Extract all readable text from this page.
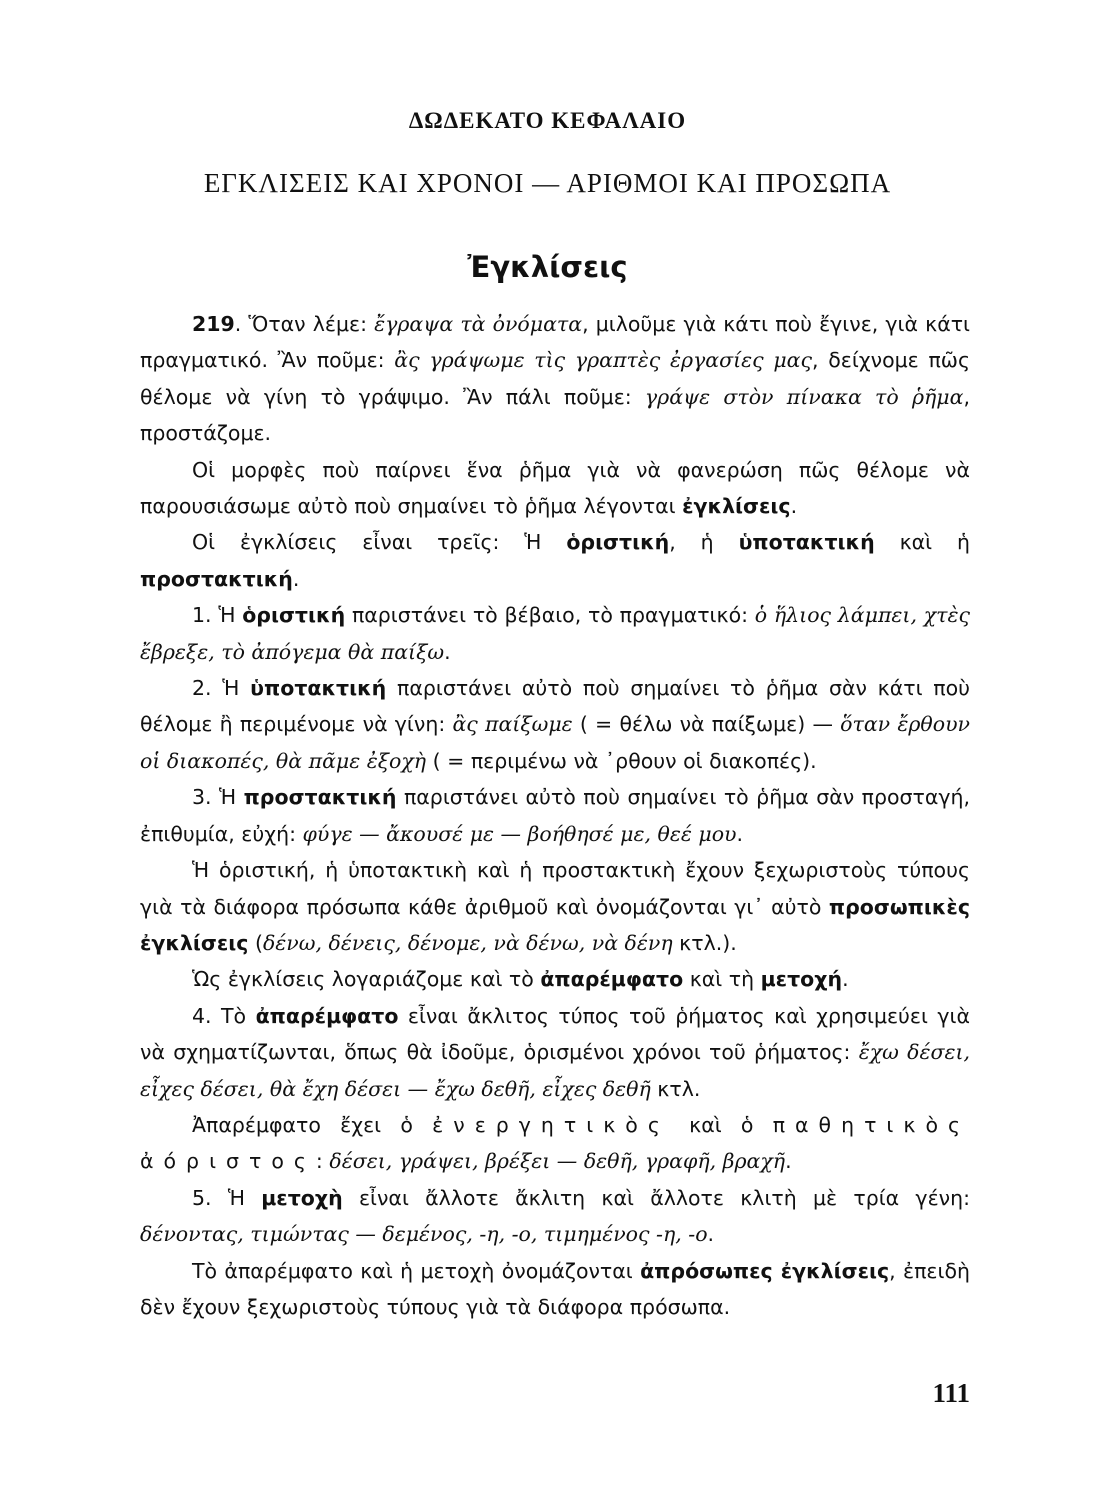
ΔΩΔΕΚΑΤΟ ΚΕΦΑΛΑΙΟ
ΕΓΚΛΙΣΕΙΣ ΚΑΙ ΧΡΟΝΟΙ — ΑΡΙΘΜΟΙ ΚΑΙ ΠΡΟΣΩΠΑ
Ἐγκλίσεις

219. Ὅταν λέμε: ἔγραψα τὰ ὀνόματα, μιλοῦμε γιὰ κάτι ποὺ ἔγινε, γιὰ κάτι πραγματικό. Ἂν ποῦμε: ἂς γράψωμε τὶς γραπτὲς ἐργασίες μας, δείχνομε πῶς θέλομε νὰ γίνη τὸ γράψιμο. Ἂν πάλι ποῦμε: γράψε στὸν πίνακα τὸ ῥῆμα, προστάζομε.

Οἱ μορφὲς ποὺ παίρνει ἕνα ῥῆμα γιὰ νὰ φανερώση πῶς θέλομε νὰ παρουσιάσωμε αὐτὸ ποὺ σημαίνει τὸ ῥῆμα λέγονται ἐγκλίσεις.

Οἱ ἐγκλίσεις εἶναι τρεῖς: Ἡ ὁριστική, ἡ ὑποτακτική καὶ ἡ προστακτική.

1. Ἡ ὁριστική παριστάνει τὸ βέβαιο, τὸ πραγματικό: ὁ ἥλιος λάμπει, χτὲς ἔβρεξε, τὸ ἀπόγεμα θὰ παίξω.

2. Ἡ ὑποτακτική παριστάνει αὐτὸ ποὺ σημαίνει τὸ ῥῆμα σὰν κάτι ποὺ θέλομε ἢ περιμένομε νὰ γίνη: ἂς παίξωμε ( = θέλω νὰ παίξωμε) — ὅταν ἔρθουν οἱ διακοπές, θὰ πᾶμε ἐξοχὴ ( = περιμένω νὰ ᾽ρθουν οἱ διακοπές).

3. Ἡ προστακτική παριστάνει αὐτὸ ποὺ σημαίνει τὸ ῥῆμα σὰν προσταγή, ἐπιθυμία, εὐχή: φύγε — ἄκουσέ με — βοήθησέ με, θεέ μου.

Ἡ ὁριστική, ἡ ὑποτακτικὴ καὶ ἡ προστακτικὴ ἔχουν ξεχωριστοὺς τύπους γιὰ τὰ διάφορα πρόσωπα κάθε ἀριθμοῦ καὶ ὀνομάζονται γι᾽ αὐτὸ προσωπικὲς ἐγκλίσεις (δένω, δένεις, δένομε, νὰ δένω, νὰ δένη κτλ.).

Ὡς ἐγκλίσεις λογαριάζομε καὶ τὸ ἀπαρέμφατο καὶ τὴ μετοχή.

4. Τὸ ἀπαρέμφατο εἶναι ἄκλιτος τύπος τοῦ ῥήματος καὶ χρησιμεύει γιὰ νὰ σχηματίζωνται, ὅπως θὰ ἰδοῦμε, ὁρισμένοι χρόνοι τοῦ ῥήματος: ἔχω δέσει, εἶχες δέσει, θὰ ἔχη δέσει — ἔχω δεθῆ, εἶχες δεθῆ κτλ.

Ἀπαρέμφατο ἔχει ὁ ἐνεργητικὸς καὶ ὁ παθητικὸς ἀόριστος: δέσει, γράψει, βρέξει — δεθῆ, γραφῆ, βραχῆ.

5. Ἡ μετοχὴ εἶναι ἄλλοτε ἄκλιτη καὶ ἄλλοτε κλιτὴ μὲ τρία γένη: δένοντας, τιμώντας — δεμένος, -η, -ο, τιμημένος -η, -ο.

Τὸ ἀπαρέμφατο καὶ ἡ μετοχὴ ὀνομάζονται ἀπρόσωπες ἐγκλίσεις, ἐπειδὴ δὲν ἔχουν ξεχωριστοὺς τύπους γιὰ τὰ διάφορα πρόσωπα.

111
